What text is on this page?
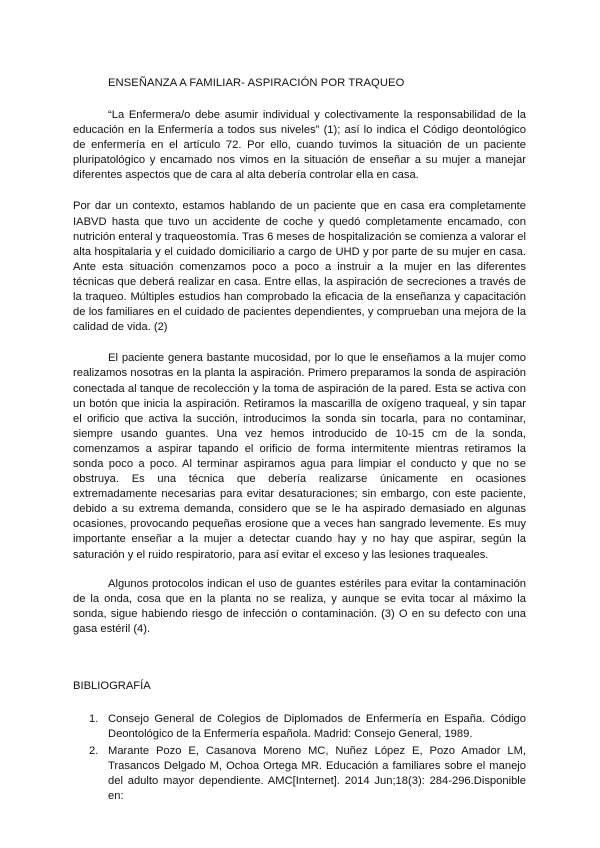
ENSEÑANZA A FAMILIAR- ASPIRACIÓN POR TRAQUEO

“La Enfermera/o debe asumir individual y colectivamente la responsabilidad de la educación en la Enfermería a todos sus niveles” (1); así lo indica el Código deontológico de enfermería en el artículo 72. Por ello, cuando tuvimos la situación de un paciente pluripatológico y encamado nos vimos en la situación de enseñar a su mujer a manejar diferentes aspectos que de cara al alta debería controlar ella en casa.

Por dar un contexto, estamos hablando de un paciente que en casa era completamente IABVD hasta que tuvo un accidente de coche y quedó completamente encamado, con nutrición enteral y traqueostomía. Tras 6 meses de hospitalización se comienza a valorar el alta hospitalaria y el cuidado domiciliario a cargo de UHD y por parte de su mujer en casa. Ante esta situación comenzamos poco a poco a instruir a la mujer en las diferentes técnicas que deberá realizar en casa. Entre ellas, la aspiración de secreciones a través de la traqueo. Múltiples estudios han comprobado la eficacia de la enseñanza y capacitación de los familiares en el cuidado de pacientes dependientes, y comprueban una mejora de la calidad de vida. (2)

El paciente genera bastante mucosidad, por lo que le enseñamos a la mujer como realizamos nosotras en la planta la aspiración. Primero preparamos la sonda de aspiración conectada al tanque de recolección y la toma de aspiración de la pared. Esta se activa con un botón que inicia la aspiración. Retiramos la mascarilla de oxígeno traqueal, y sin tapar el orificio que activa la succión, introducimos la sonda sin tocarla, para no contaminar, siempre usando guantes. Una vez hemos introducido de 10-15 cm de la sonda, comenzamos a aspirar tapando el orificio de forma intermitente mientras retiramos la sonda poco a poco. Al terminar aspiramos agua para limpiar el conducto y que no se obstruya. Es una técnica que debería realizarse únicamente en ocasiones extremadamente necesarias para evitar desaturaciones; sin embargo, con este paciente, debido a su extrema demanda, considero que se le ha aspirado demasiado en algunas ocasiones, provocando pequeñas erosione que a veces han sangrado levemente. Es muy importante enseñar a la mujer a detectar cuando hay y no hay que aspirar, según la saturación y el ruido respiratorio, para así evitar el exceso y las lesiones traqueales.

Algunos protocolos indican el uso de guantes estériles para evitar la contaminación de la onda, cosa que en la planta no se realiza, y aunque se evita tocar al máximo la sonda, sigue habiendo riesgo de infección o contaminación. (3) O en su defecto con una gasa estéril (4).

BIBLIOGRAFÍA
1. Consejo General de Colegios de Diplomados de Enfermería en España. Código Deontológico de la Enfermería española. Madrid: Consejo General, 1989.
2. Marante Pozo E, Casanova Moreno MC, Nuñez López E, Pozo Amador LM, Trasancos Delgado M, Ochoa Ortega MR. Educación a familiares sobre el manejo del adulto mayor dependiente. AMC[Internet]. 2014 Jun;18(3): 284-296.Disponible en:
